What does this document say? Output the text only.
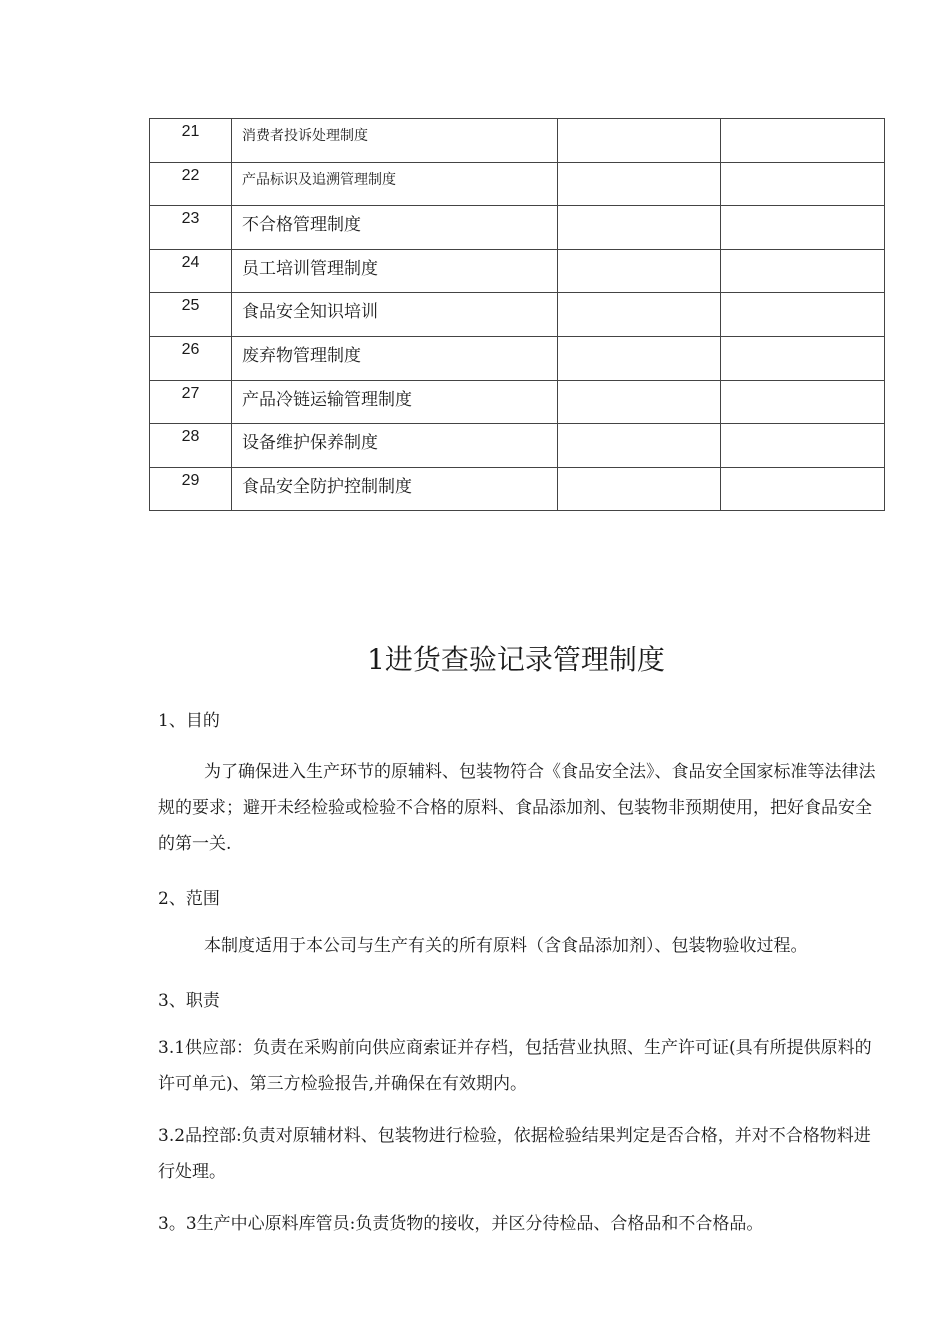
21	消费者投诉处理制度		
22	产品标识及追溯管理制度		
23	不合格管理制度		
24	员工培训管理制度		
25	食品安全知识培训		
26	废弃物管理制度		
27	产品冷链运输管理制度		
28	设备维护保养制度		
29	食品安全防护控制制度		
1进货查验记录管理制度

1、目的

为了确保进入生产环节的原辅料、包装物符合《食品安全法》、食品安全国家标准等法律法规的要求；避开未经检验或检验不合格的原料、食品添加剂、包装物非预期使用，把好食品安全的第一关.

2、范围

本制度适用于本公司与生产有关的所有原料（含食品添加剂）、包装物验收过程。

3、职责

3.1供应部：负责在采购前向供应商索证并存档，包括营业执照、生产许可证(具有所提供原料的许可单元)、第三方检验报告,并确保在有效期内。

3.2品控部:负责对原辅材料、包装物进行检验，依据检验结果判定是否合格，并对不合格物料进行处理。

3。3生产中心原料库管员:负责货物的接收，并区分待检品、合格品和不合格品。
